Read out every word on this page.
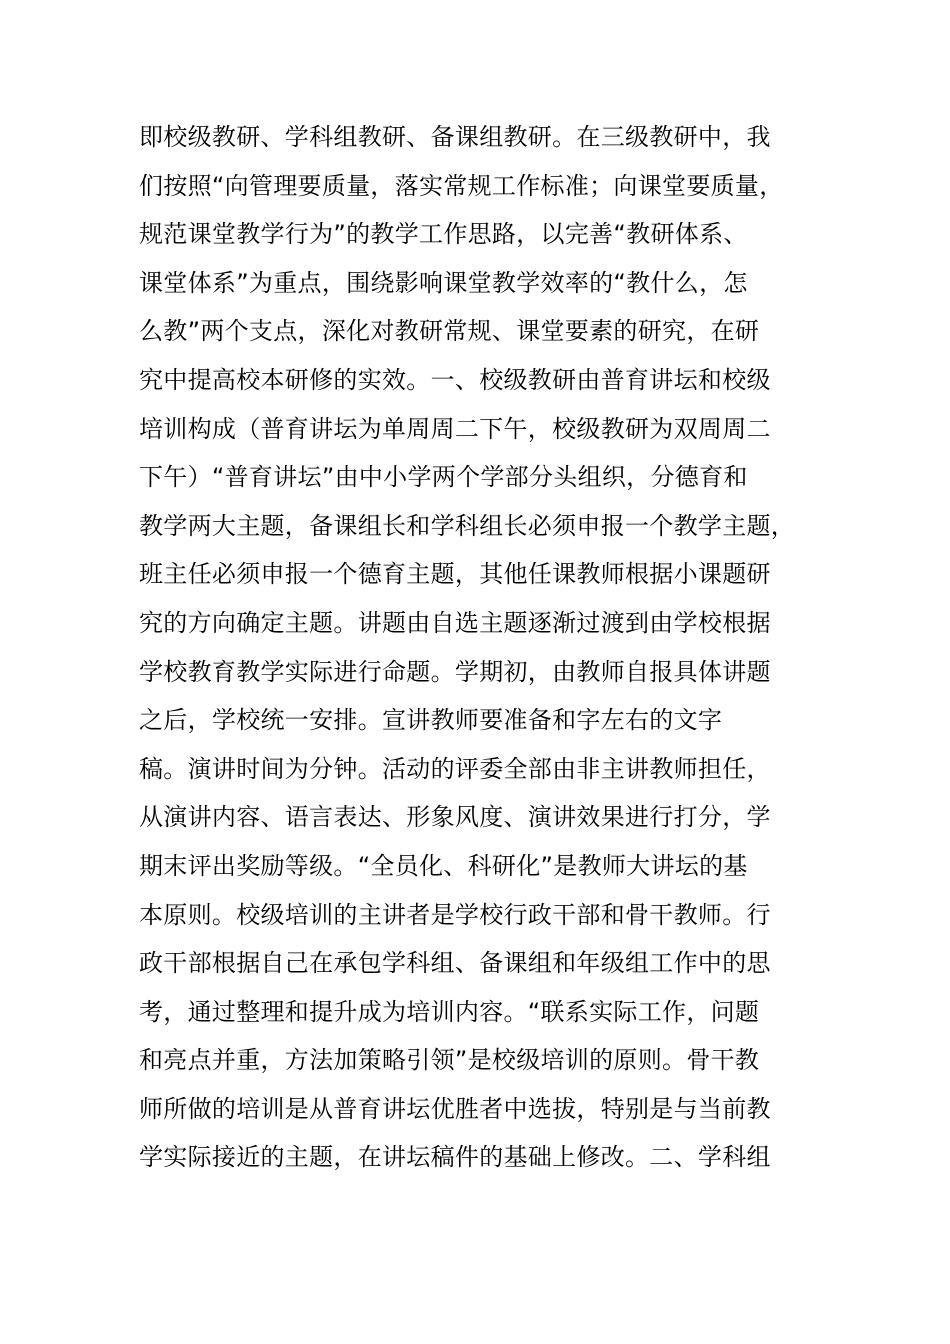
即校级教研、学科组教研、备课组教研。在三级教研中，我
们按照“向管理要质量，落实常规工作标准；向课堂要质量，
规范课堂教学行为”的教学工作思路，以完善“教研体系、
课堂体系”为重点，围绕影响课堂教学效率的“教什么，怎
么教”两个支点，深化对教研常规、课堂要素的研究，在研
究中提高校本研修的实效。一、校级教研由普育讲坛和校级
培训构成（普育讲坛为单周周二下午，校级教研为双周周二
下午）“普育讲坛”由中小学两个学部分头组织，分德育和
教学两大主题，备课组长和学科组长必须申报一个教学主题，
班主任必须申报一个德育主题，其他任课教师根据小课题研
究的方向确定主题。讲题由自选主题逐渐过渡到由学校根据
学校教育教学实际进行命题。学期初，由教师自报具体讲题
之后，学校统一安排。宣讲教师要准备和字左右的文字
稿。演讲时间为分钟。活动的评委全部由非主讲教师担任，
从演讲内容、语言表达、形象风度、演讲效果进行打分，学
期末评出奖励等级。“全员化、科研化”是教师大讲坛的基
本原则。校级培训的主讲者是学校行政干部和骨干教师。行
政干部根据自己在承包学科组、备课组和年级组工作中的思
考，通过整理和提升成为培训内容。“联系实际工作，问题
和亮点并重，方法加策略引领”是校级培训的原则。骨干教
师所做的培训是从普育讲坛优胜者中选拔，特别是与当前教
学实际接近的主题，在讲坛稿件的基础上修改。二、学科组
